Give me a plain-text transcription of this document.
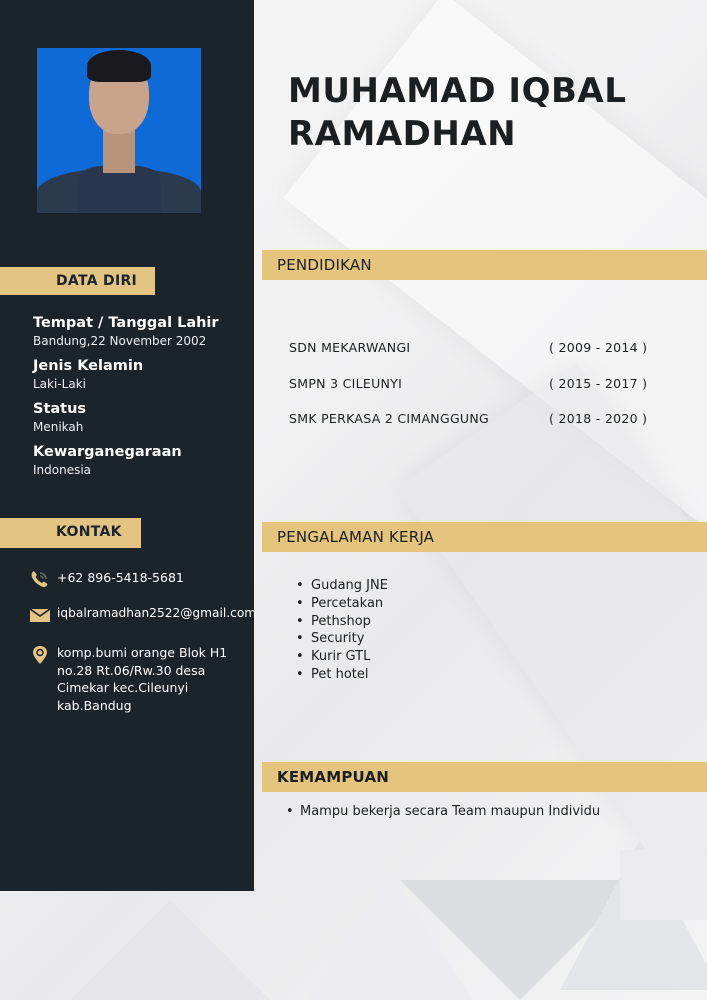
DATA DIRI
Tempat / Tanggal Lahir
Bandung,22 November 2002
Jenis Kelamin
Laki-Laki
Status
Menikah
Kewarganegaraan
Indonesia
KONTAK
+62 896-5418-5681
iqbalramadhan2522@gmail.com
komp.bumi orange Blok H1
no.28 Rt.06/Rw.30 desa
Cimekar kec.Cileunyi
kab.Bandug
MUHAMAD IQBAL
RAMADHAN
PENDIDIKAN
SDN MEKARWANGI	( 2009 - 2014 )
SMPN 3 CILEUNYI	( 2015 - 2017 )
SMK PERKASA 2 CIMANGGUNG	( 2018 - 2020 )
PENGALAMAN KERJA
• Gudang JNE
• Percetakan
• Pethshop
• Security
• Kurir GTL
• Pet hotel
KEMAMPUAN
• Mampu bekerja secara Team maupun Individu
